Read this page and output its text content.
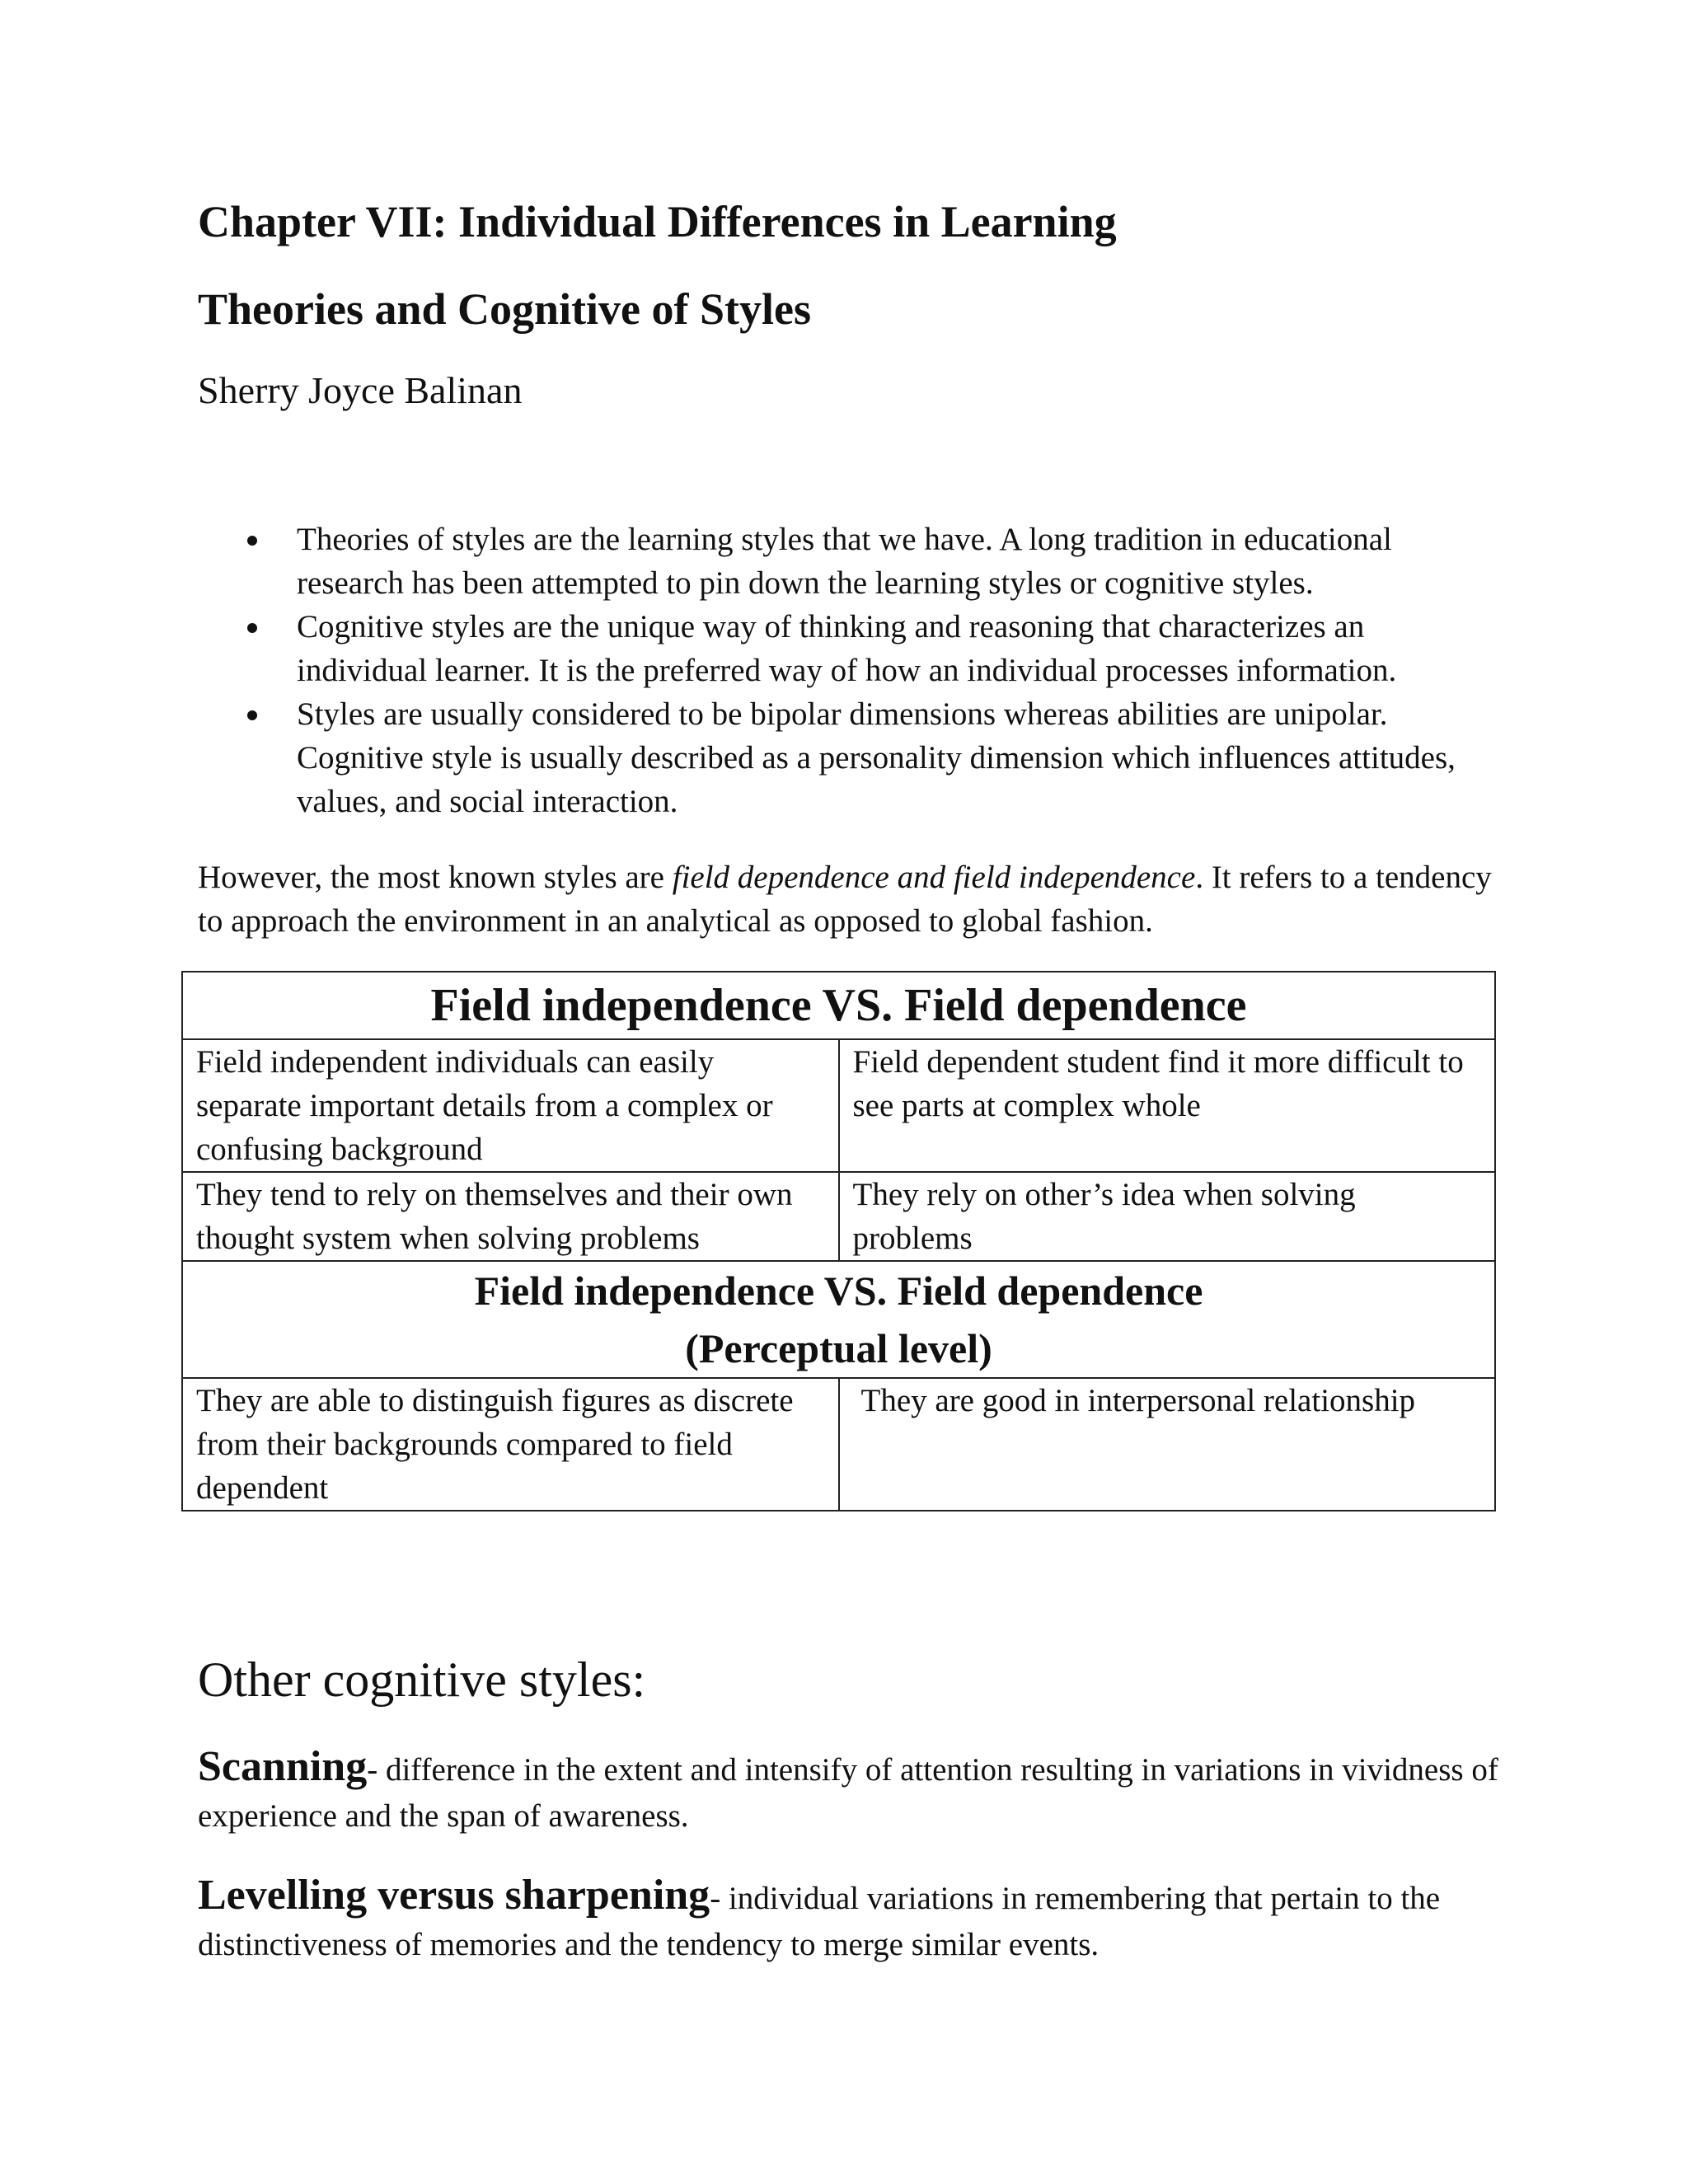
Chapter VII: Individual Differences in Learning
Theories and Cognitive of Styles

Sherry Joyce Balinan

Theories of styles are the learning styles that we have. A long tradition in educational research has been attempted to pin down the learning styles or cognitive styles.
Cognitive styles are the unique way of thinking and reasoning that characterizes an individual learner. It is the preferred way of how an individual processes information.
Styles are usually considered to be bipolar dimensions whereas abilities are unipolar. Cognitive style is usually described as a personality dimension which influences attitudes, values, and social interaction.

However, the most known styles are field dependence and field independence. It refers to a tendency to approach the environment in an analytical as opposed to global fashion.

Field independence VS. Field dependence	
Field independent individuals can easily separate important details from a complex or confusing background	Field dependent student find it more difficult to see parts at complex whole
They tend to rely on themselves and their own thought system when solving problems	They rely on other’s idea when solving problems

Field independence VS. Field dependence
(Perceptual level)	

They are able to distinguish figures as discrete from their backgrounds compared to field dependent	They are good in interpersonal relationship
Other cognitive styles:

Scanning- difference in the extent and intensify of attention resulting in variations in vividness of experience and the span of awareness.

Levelling versus sharpening- individual variations in remembering that pertain to the distinctiveness of memories and the tendency to merge similar events.
